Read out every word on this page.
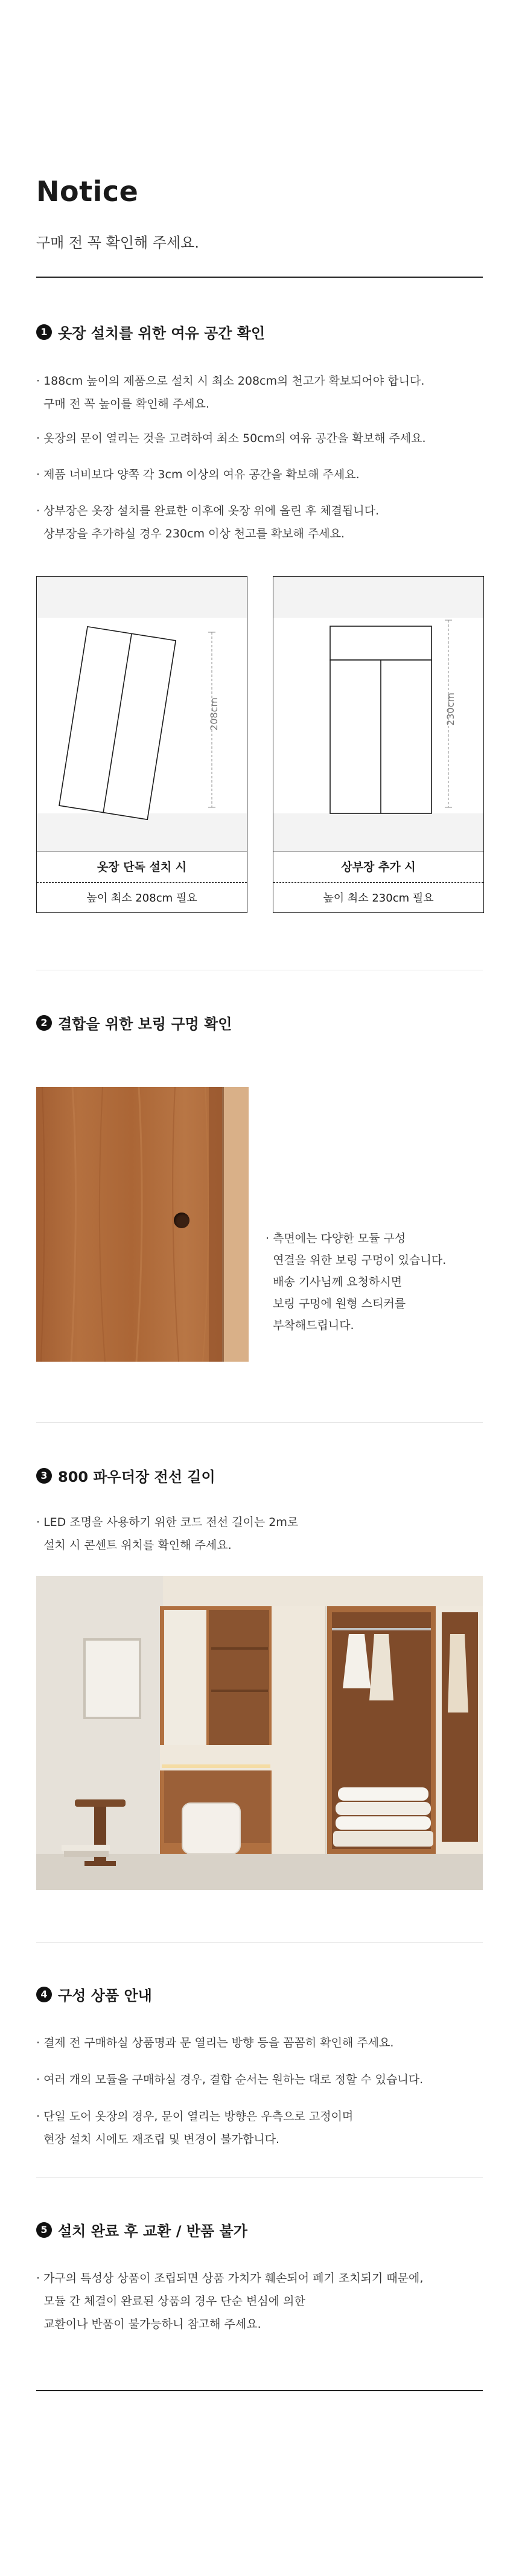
Notice
구매 전 꼭 확인해 주세요.
1 옷장 설치를 위한 여유 공간 확인
· 188cm 높이의 제품으로 설치 시 최소 208cm의 천고가 확보되어야 합니다.
구매 전 꼭 높이를 확인해 주세요.
· 옷장의 문이 열리는 것을 고려하여 최소 50cm의 여유 공간을 확보해 주세요.
· 제품 너비보다 양쪽 각 3cm 이상의 여유 공간을 확보해 주세요.
· 상부장은 옷장 설치를 완료한 이후에 옷장 위에 올린 후 체결됩니다.
상부장을 추가하실 경우 230cm 이상 천고를 확보해 주세요.
208cm
옷장 단독 설치 시
높이 최소 208cm 필요
230cm
상부장 추가 시
높이 최소 230cm 필요
2 결합을 위한 보링 구멍 확인
· 측면에는 다양한 모듈 구성
연결을 위한 보링 구멍이 있습니다.
배송 기사님께 요청하시면
보링 구멍에 원형 스티커를
부착해드립니다.
3 800 파우더장 전선 길이
· LED 조명을 사용하기 위한 코드 전선 길이는 2m로
설치 시 콘센트 위치를 확인해 주세요.
4 구성 상품 안내
· 결제 전 구매하실 상품명과 문 열리는 방향 등을 꼼꼼히 확인해 주세요.
· 여러 개의 모듈을 구매하실 경우, 결합 순서는 원하는 대로 정할 수 있습니다.
· 단일 도어 옷장의 경우, 문이 열리는 방향은 우측으로 고정이며
현장 설치 시에도 재조립 및 변경이 불가합니다.
5 설치 완료 후 교환 / 반품 불가
· 가구의 특성상 상품이 조립되면 상품 가치가 훼손되어 폐기 조치되기 때문에,
모듈 간 체결이 완료된 상품의 경우 단순 변심에 의한
교환이나 반품이 불가능하니 참고해 주세요.
